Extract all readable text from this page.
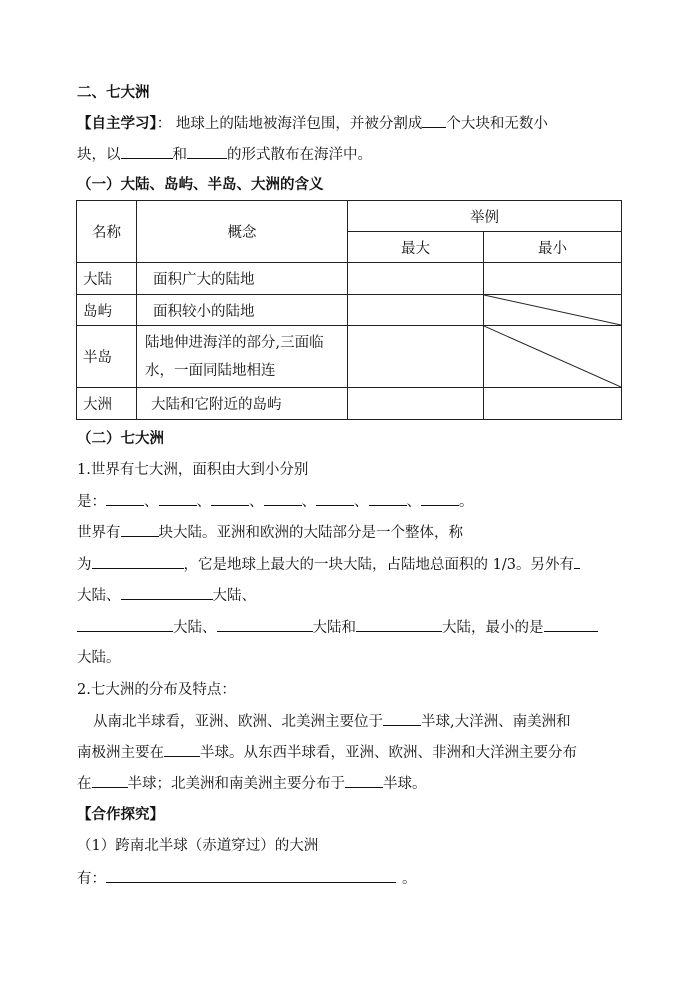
二、七大洲
【自主学习】： 地球上的陆地被海洋包围，并被分割成 个大块和无数小
块，以	和	的形式散布在海洋中。
（一）大陆、岛屿、半岛、大洲的含义
名称	概念	举例	
		最大	最小
大陆	面积广大的陆地		
岛屿	面积较小的陆地		

半岛	陆地伸进海洋的部分,三面临水，一面同陆地相连		

大洲	大陆和它附近的岛屿		
（二）七大洲
1.世界有七大洲，面积由大到小分别
是：	、	、	、	、	、	、	。
世界有	块大陆。亚洲和欧洲的大陆部分是一个整体，称
为	，它是地球上最大的一块大陆，占陆地总面积的 1/3。另外有
大陆、	大陆、
大陆、	大陆和	大陆，最小的是
大陆。
2.七大洲的分布及特点：
从南北半球看，亚洲、欧洲、北美洲主要位于	半球,大洋洲、南美洲和
南极洲主要在 半球。从东西半球看，亚洲、欧洲、非洲和大洋洲主要分布
在 半球；北美洲和南美洲主要分布于	半球。
【合作探究】
（1）跨南北半球（赤道穿过）的大洲
有：	。
